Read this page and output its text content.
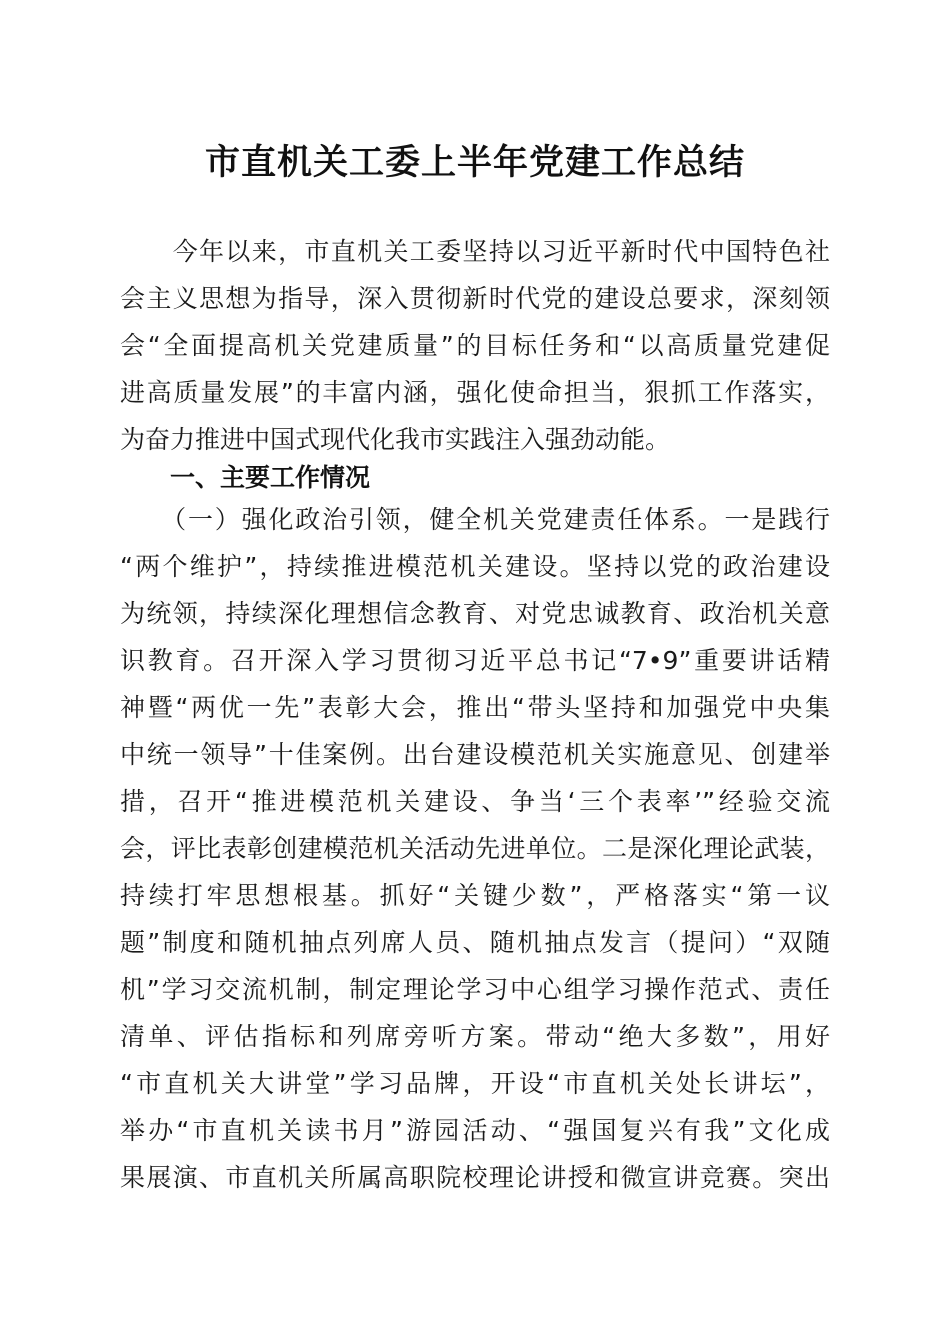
市直机关工委上半年党建工作总结
　　今年以来，市直机关工委坚持以习近平新时代中国特色社
会主义思想为指导，深入贯彻新时代党的建设总要求，深刻领
会“全面提高机关党建质量”的目标任务和“以高质量党建促
进高质量发展”的丰富内涵，强化使命担当，狠抓工作落实，
为奋力推进中国式现代化我市实践注入强劲动能。
　　一、主要工作情况
　　（一）强化政治引领，健全机关党建责任体系。一是践行
“两个维护”，持续推进模范机关建设。坚持以党的政治建设
为统领，持续深化理想信念教育、对党忠诚教育、政治机关意
识教育。召开深入学习贯彻习近平总书记“7•9”重要讲话精
神暨“两优一先”表彰大会，推出“带头坚持和加强党中央集
中统一领导”十佳案例。出台建设模范机关实施意见、创建举
措，召开“推进模范机关建设、争当‘三个表率’”经验交流
会，评比表彰创建模范机关活动先进单位。二是深化理论武装，
持续打牢思想根基。抓好“关键少数”，严格落实“第一议
题”制度和随机抽点列席人员、随机抽点发言（提问）“双随
机”学习交流机制，制定理论学习中心组学习操作范式、责任
清单、评估指标和列席旁听方案。带动“绝大多数”，用好
“市直机关大讲堂”学习品牌，开设“市直机关处长讲坛”，
举办“市直机关读书月”游园活动、“强国复兴有我”文化成
果展演、市直机关所属高职院校理论讲授和微宣讲竞赛。突出
